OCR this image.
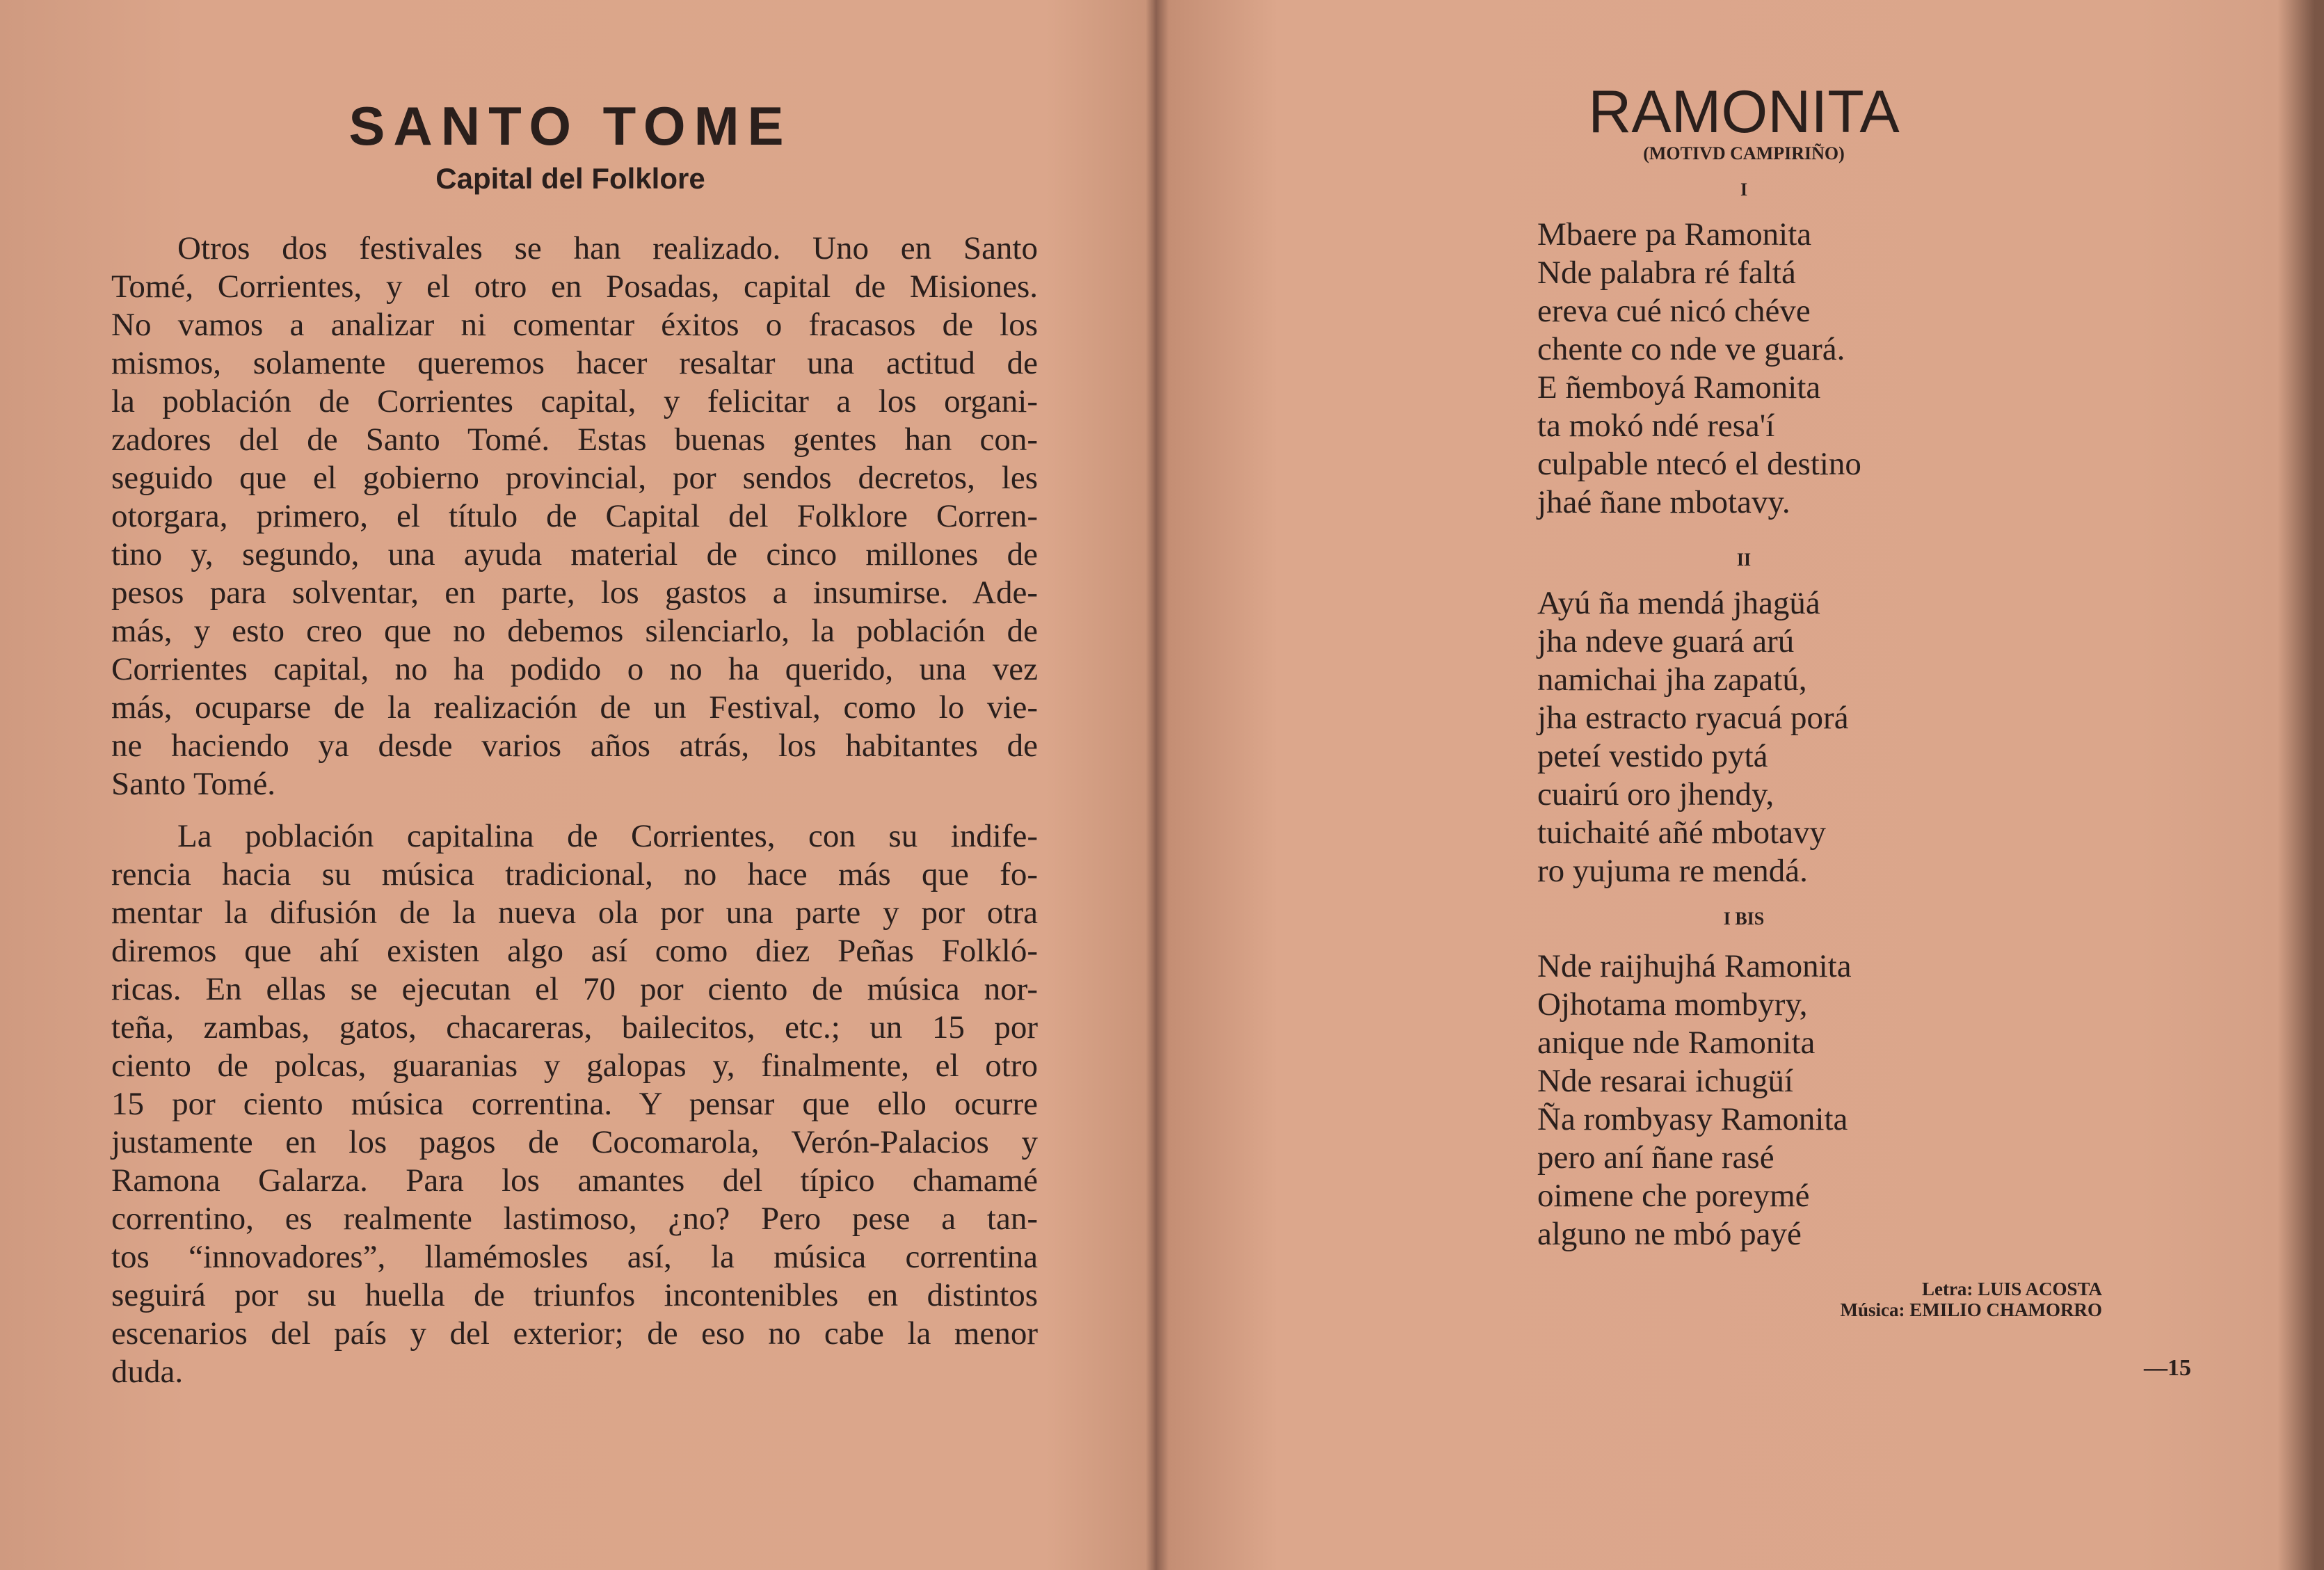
SANTO TOME
Capital del Folklore
Otros dos festivales se han realizado. Uno en Santo
Tomé, Corrientes, y el otro en Posadas, capital de Misiones.
No vamos a analizar ni comentar éxitos o fracasos de los
mismos, solamente queremos hacer resaltar una actitud de
la población de Corrientes capital, y felicitar a los organi-
zadores del de Santo Tomé. Estas buenas gentes han con-
seguido que el gobierno provincial, por sendos decretos, les
otorgara, primero, el título de Capital del Folklore Corren-
tino y, segundo, una ayuda material de cinco millones de
pesos para solventar, en parte, los gastos a insumirse. Ade-
más, y esto creo que no debemos silenciarlo, la población de
Corrientes capital, no ha podido o no ha querido, una vez
más, ocuparse de la realización de un Festival, como lo vie-
ne haciendo ya desde varios años atrás, los habitantes de
Santo Tomé.
La población capitalina de Corrientes, con su indife-
rencia hacia su música tradicional, no hace más que fo-
mentar la difusión de la nueva ola por una parte y por otra
diremos que ahí existen algo así como diez Peñas Folkló-
ricas. En ellas se ejecutan el 70 por ciento de música nor-
teña, zambas, gatos, chacareras, bailecitos, etc.; un 15 por
ciento de polcas, guaranias y galopas y, finalmente, el otro
15 por ciento música correntina. Y pensar que ello ocurre
justamente en los pagos de Cocomarola, Verón-Palacios y
Ramona Galarza. Para los amantes del típico chamamé
correntino, es realmente lastimoso, ¿no? Pero pese a tan-
tos “innovadores”, llamémosles así, la música correntina
seguirá por su huella de triunfos incontenibles en distintos
escenarios del país y del exterior; de eso no cabe la menor
duda.
RAMONITA
(MOTIVD CAMPIRIÑO)
I
Mbaere pa Ramonita
Nde palabra ré faltá
ereva cué nicó chéve
chente co nde ve guará.
E ñemboyá Ramonita
ta mokó ndé resa'í
culpable ntecó el destino
jhaé ñane mbotavy.
II
Ayú ña mendá jhagüá
jha ndeve guará arú
namichai jha zapatú,
jha estracto ryacuá porá
peteí vestido pytá
cuairú oro jhendy,
tuichaité añé mbotavy
ro yujuma re mendá.
I BIS
Nde raijhujhá Ramonita
Ojhotama mombyry,
anique nde Ramonita
Nde resarai ichugüí
Ña rombyasy Ramonita
pero aní ñane rasé
oimene che poreymé
alguno ne mbó payé
Letra: LUIS ACOSTA
Música: EMILIO CHAMORRO
—15
